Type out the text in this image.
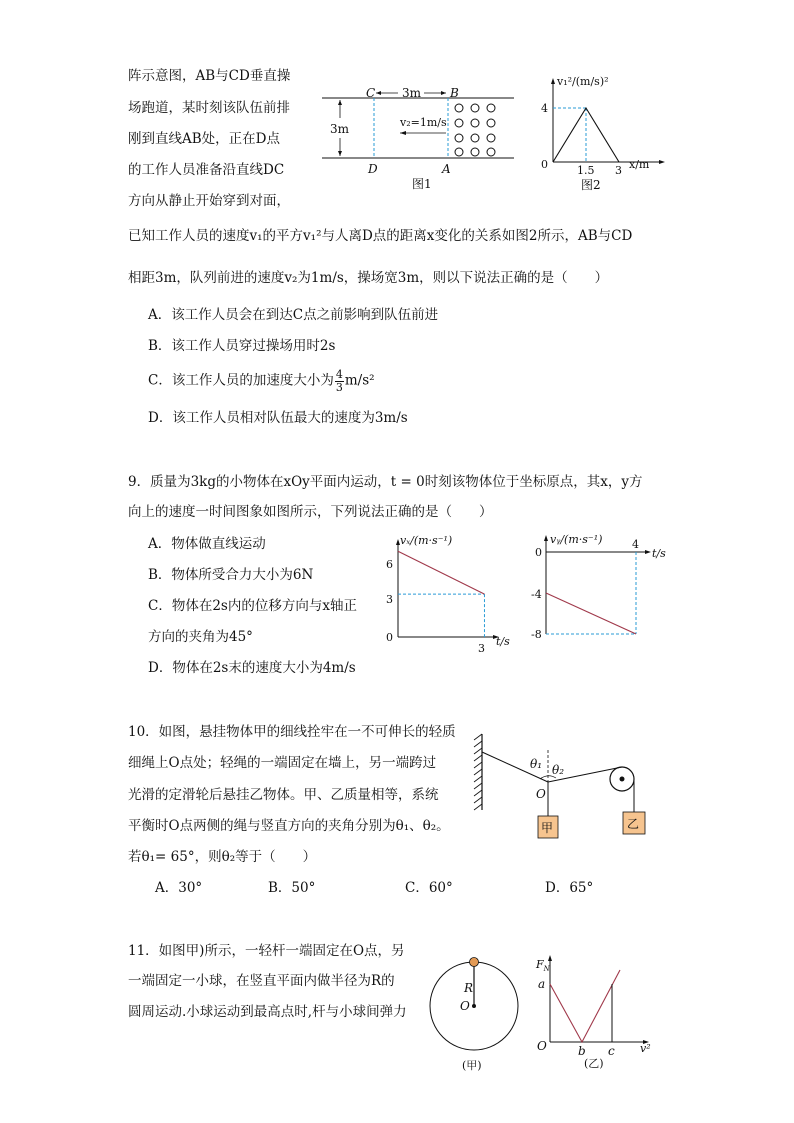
阵示意图，AB与CD垂直操
场跑道，某时刻该队伍前排
刚到直线AB处，正在D点
的工作人员准备沿直线DC
方向从静止开始穿到对面，
C	B
3m
3m	v₂=1m/s
D	A
图1
v₁²/(m/s)²
4
0	1.5 3 x/m
图2
已知工作人员的速度v₁的平方v₁²与人离D点的距离x变化的关系如图2所示，AB与CD
相距3m，队列前进的速度v₂为1m/s，操场宽3m，则以下说法正确的是（　　）
A．该工作人员会在到达C点之前影响到队伍前进
B．该工作人员穿过操场用时2s
C．该工作人员的加速度大小为 $\frac{4}{3} m/s^2$
D．该工作人员相对队伍最大的速度为3m/s
9．质量为3kg的小物体在xOy平面内运动，t = 0时刻该物体位于坐标原点，其x，y方
向上的速度一时间图象如图所示，下列说法正确的是（　　）
A．物体做直线运动
B．物体所受合力大小为6N
C．物体在2s内的位移方向与x轴正
方向的夹角为45°
D．物体在2s末的速度大小为4m/s
vₓ/(m·s⁻¹)
6
3
0
3
t/s
vᵧ/(m·s⁻¹)
0
-4
-8
4
t/s
10．如图，悬挂物体甲的细线拴牢在一不可伸长的轻质
细绳上O点处；轻绳的一端固定在墙上，另一端跨过
光滑的定滑轮后悬挂乙物体。甲、乙质量相等，系统
平衡时O点两侧的绳与竖直方向的夹角分别为θ₁、θ₂。
若θ₁= 65°，则θ₂等于（　　）
A．30°	B．50°	C．60°	D．65°
θ₁ θ₂
O
甲	乙
11．如图甲)所示，一轻杆一端固定在O点，另
一端固定一小球，在竖直平面内做半径为R的
圆周运动.小球运动到最高点时,杆与小球间弹力
R
O
(甲)
$F_N$
a
O	b c v²
(乙)
